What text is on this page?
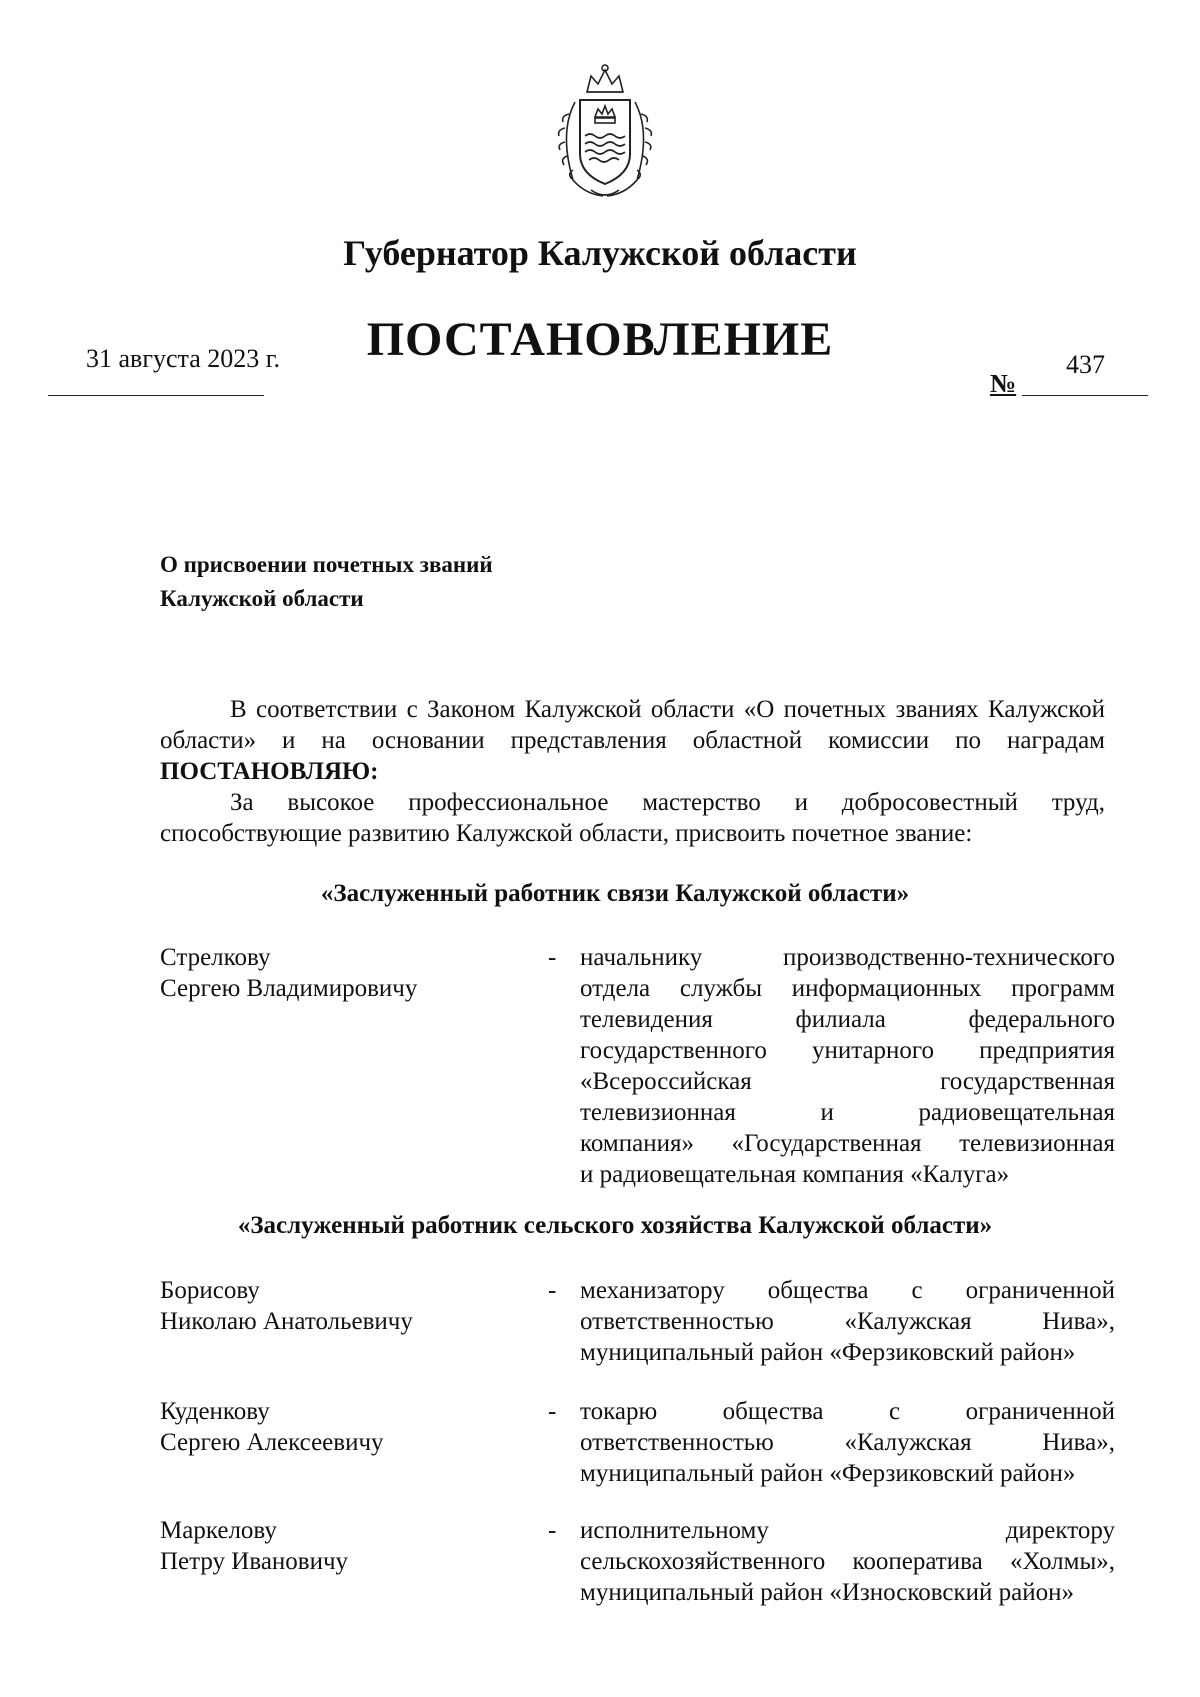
Губернатор Калужской области
ПОСТАНОВЛЕНИЕ
31 августа 2023 г.
№
437
О присвоении почетных званий
Калужской области
В соответствии с Законом Калужской области «О почетных званиях Калужской области» и на основании представления областной комиссии по наградам ПОСТАНОВЛЯЮ:
За высокое профессиональное мастерство и добросовестный труд, способствующие развитию Калужской области, присвоить почетное звание:
«Заслуженный работник связи Калужской области»
Стрелкову
Сергею Владимировичу
- начальнику производственно-технического
отдела службы информационных программ
телевидения филиала федерального
государственного унитарного предприятия
«Всероссийская государственная
телевизионная и радиовещательная
компания» «Государственная телевизионная
и радиовещательная компания «Калуга»
«Заслуженный работник сельского хозяйства Калужской области»
Борисову
Николаю Анатольевичу
- механизатору общества с ограниченной
ответственностью «Калужская Нива»,
муниципальный район «Ферзиковский район»
Куденкову
Сергею Алексеевичу
- токарю общества с ограниченной
ответственностью «Калужская Нива»,
муниципальный район «Ферзиковский район»
Маркелову
Петру Ивановичу
- исполнительному директору
сельскохозяйственного кооператива «Холмы»,
муниципальный район «Износковский район»
